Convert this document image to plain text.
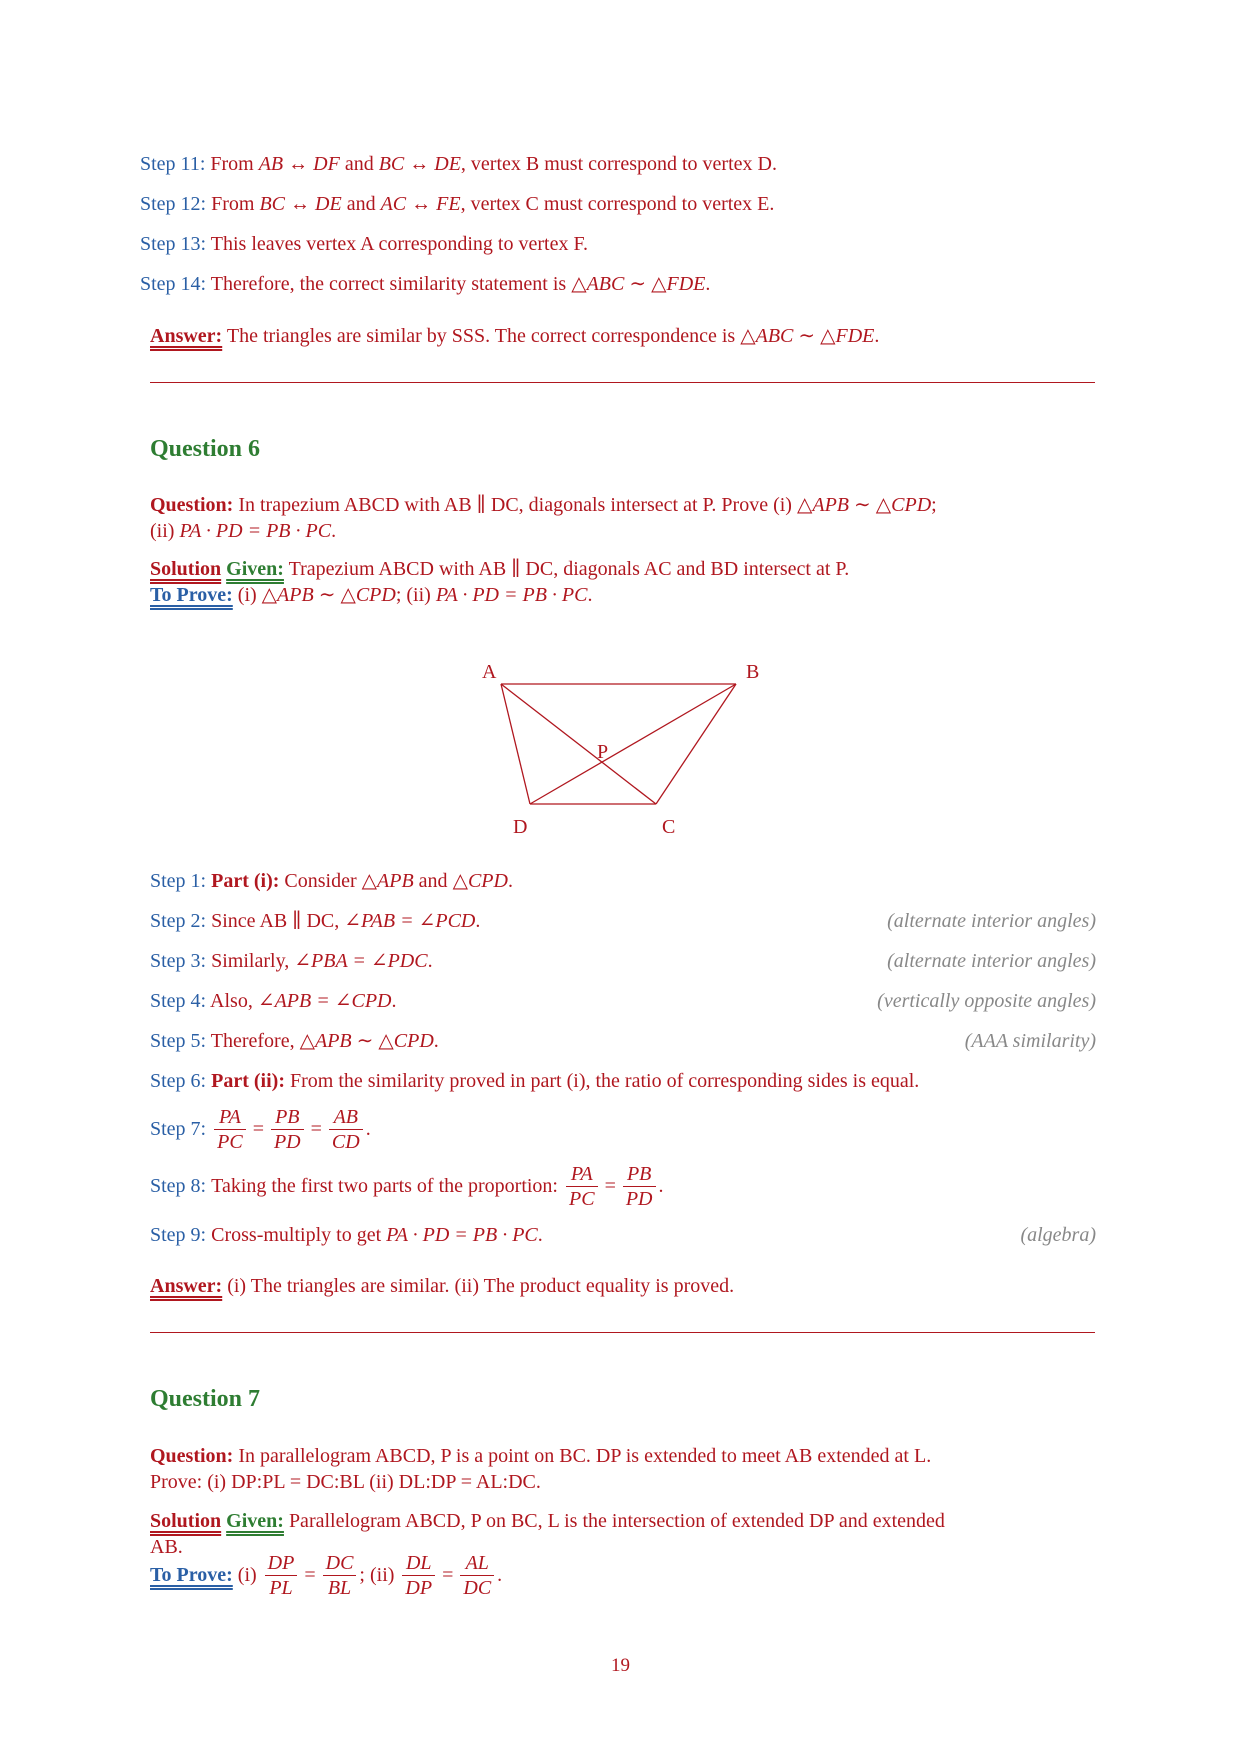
Step 11: From AB ↔ DF and BC ↔ DE, vertex B must correspond to vertex D.
Step 12: From BC ↔ DE and AC ↔ FE, vertex C must correspond to vertex E.
Step 13: This leaves vertex A corresponding to vertex F.
Step 14: Therefore, the correct similarity statement is △ABC ∼ △FDE.
Answer: The triangles are similar by SSS. The correct correspondence is △ABC ∼ △FDE.
Question 6
Question: In trapezium ABCD with AB ∥ DC, diagonals intersect at P. Prove (i) △APB ∼ △CPD;
(ii) PA · PD = PB · PC.
Solution Given: Trapezium ABCD with AB ∥ DC, diagonals AC and BD intersect at P.
To Prove: (i) △APB ∼ △CPD; (ii) PA · PD = PB · PC.
A	B
C
D
P
Step 1: Part (i): Consider △APB and △CPD.
Step 2: Since AB ∥ DC, ∠PAB = ∠PCD.	(alternate interior angles)
Step 3: Similarly, ∠PBA = ∠PDC.	(alternate interior angles)
Step 4: Also, ∠APB = ∠CPD.	(vertically opposite angles)
Step 5: Therefore, △APB ∼ △CPD.	(AAA similarity)
Step 6: Part (ii): From the similarity proved in part (i), the ratio of corresponding sides is equal.
Step 7: $\frac{PA}{PC} = \frac{PB}{PD} = \frac{AB}{CD}$ .
Step 8: Taking the first two parts of the proportion: $\frac{PA}{PC} = \frac{PB}{PD}$ .
Step 9: Cross-multiply to get PA · PD = PB · PC.	(algebra)
Answer: (i) The triangles are similar. (ii) The product equality is proved.
Question 7
Question: In parallelogram ABCD, P is a point on BC. DP is extended to meet AB extended at L.
Prove: (i) DP:PL = DC:BL (ii) DL:DP = AL:DC.
Solution Given: Parallelogram ABCD, P on BC, L is the intersection of extended DP and extended
AB.
To Prove: $(i) \frac{DP}{PL} = \frac{DC}{BL}$ ; $(ii) \frac{DL}{DP} = \frac{AL}{DC}$ .
19
